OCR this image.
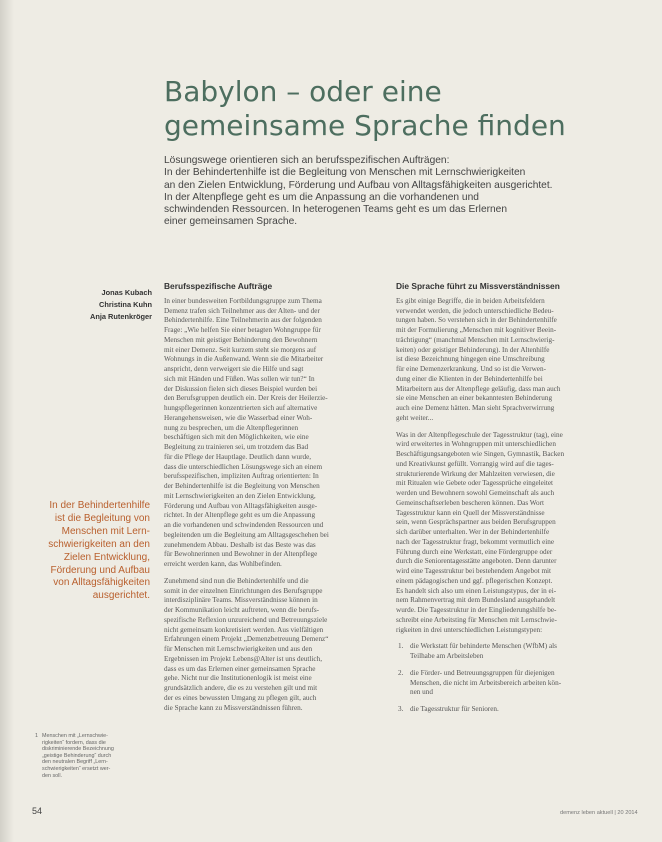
Babylon – oder eine
gemeinsame Sprache finden
Lösungswege orientieren sich an berufsspezifischen Aufträgen:
In der Behindertenhilfe ist die Begleitung von Menschen mit Lernschwierigkeiten
an den Zielen Entwicklung, Förderung und Aufbau von Alltagsfähigkeiten ausgerichtet.
In der Altenpflege geht es um die Anpassung an die vorhandenen und
schwindenden Ressourcen. In heterogenen Teams geht es um das Erlernen
einer gemeinsamen Sprache.
Jonas Kubach
Christina Kuhn
Anja Rutenkröger
Berufsspezifische Aufträge
In einer bundesweiten Fortbildungsgruppe zum Thema
Demenz trafen sich Teilnehmer aus der Alten- und der
Behindertenhilfe. Eine Teilnehmerin aus der folgenden
Frage: „Wie helfen Sie einer betagten Wohngruppe für
Menschen mit geistiger Behinderung den Bewohnern
mit einer Demenz. Seit kurzem steht sie morgens auf
Wohnungs in die Außenwand. Wenn sie die Mitarbeiter
anspricht, denn verweigert sie die Hilfe und sagt
sich mit Händen und Füßen. Was sollen wir tun?“ In
der Diskussion fielen sich dieses Beispiel wurden bei
den Berufsgruppen deutlich ein. Der Kreis der Heilerzie-
hungspflegerinnen konzentrierten sich auf alternative
Herangehensweisen, wie die Wasserbad einer Woh-
nung zu besprechen, um die Altenpflegerinnen
beschäftigen sich mit den Möglichkeiten, wie eine
Begleitung zu trainieren sei, um trotzdem das Bad
für die Pflege der Hauptlage. Deutlich dann wurde,
dass die unterschiedlichen Lösungswege sich an einem
berufsspezifischen, impliziten Auftrag orientierten: In
der Behindertenhilfe ist die Begleitung von Menschen
mit Lernschwierigkeiten an den Zielen Entwicklung,
Förderung und Aufbau von Alltagsfähigkeiten ausge-
richtet. In der Altenpflege geht es um die Anpassung
an die vorhandenen und schwindenden Ressourcen und
begleitenden um die Begleitung am Alltagsgeschehen bei
zunehmendem Abbau. Deshalb ist das Beste was das
für Bewohnerinnen und Bewohner in der Altenpflege
erreicht werden kann, das Wohlbefinden.
Zunehmend sind nun die Behindertenhilfe und die
somit in der einzelnen Einrichtungen des Berufsgruppe
interdisziplinäre Teams. Missverständnisse können in
der Kommunikation leicht auftreten, wenn die berufs-
spezifische Reflexion unzureichend und Betreuungsziele
nicht gemeinsam konkretisiert werden. Aus vielfältigen
Erfahrungen einem Projekt „Demenzbetreuung Demenz“
für Menschen mit Lernschwierigkeiten und aus den
Ergebnissen im Projekt Lebens@Alter ist uns deutlich,
dass es um das Erlernen einer gemeinsamen Sprache
gehe. Nicht nur die Institutionenlogik ist meist eine
grundsätzlich andere, die es zu verstehen gilt und mit
der es eines bewussten Umgang zu pflegen gilt, auch
die Sprache kann zu Missverständnissen führen.
Die Sprache führt zu Missverständnissen
Es gibt einige Begriffe, die in beiden Arbeitsfeldern
verwendet werden, die jedoch unterschiedliche Bedeu-
tungen haben. So verstehen sich in der Behindertenhilfe
mit der Formulierung „Menschen mit kognitiver Beein-
trächtigung“ (manchmal Menschen mit Lernschwierig-
keiten) oder geistiger Behinderung). In der Altenhilfe
ist diese Bezeichnung hingegen eine Umschreibung
für eine Demenzerkrankung. Und so ist die Verwen-
dung einer die Klienten in der Behindertenhilfe bei
Mitarbeitern aus der Altenpflege geläufig, dass man auch
sie eine Menschen an einer bekanntesten Behinderung
auch eine Demenz hätten. Man sieht Sprachverwirrung
geht weiter...
Was in der Altenpflegeschule der Tagesstruktur (tag), eine
wird erweitertes in Wohngruppen mit unterschiedlichen
Beschäftigungsangeboten wie Singen, Gymnastik, Backen
und Kreativkunst gefüllt. Vorrangig wird auf die tages-
strukturierende Wirkung der Mahlzeiten verwiesen, die
mit Ritualen wie Gebete oder Tagessprüche eingeleitet
werden und Bewohnern sowohl Gemeinschaft als auch
Gemeinschaftserleben bescheren können. Das Wort
Tagesstruktur kann ein Quell der Missverständnisse
sein, wenn Gesprächspartner aus beiden Berufsgruppen
sich darüber unterhalten. Wer in der Behindertenhilfe
nach der Tagesstruktur fragt, bekommt vermutlich eine
Führung durch eine Werkstatt, eine Fördergruppe oder
durch die Seniorentagesstätte angeboten. Denn darunter
wird eine Tagesstruktur bei bestehendem Angebot mit
einem pädagogischen und ggf. pflegerischen Konzept.
Es handelt sich also um einen Leistungstypus, der in ei-
nem Rahmenvertrag mit dem Bundesland ausgehandelt
wurde. Die Tagesstruktur in der Eingliederungshilfe be-
schreibt eine Arbeitsting für Menschen mit Lernschwie-
rigkeiten in drei unterschiedlichen Leistungstypen:
1. die Werkstatt für behinderte Menschen (WfbM) als
Teilhabe am Arbeitsleben
2. die Förder- und Betreuungsgruppen für diejenigen
Menschen, die nicht im Arbeitsbereich arbeiten kön-
nen und
3. die Tagesstruktur für Senioren.
In der Behindertenhilfe
ist die Begleitung von
Menschen mit Lern-
schwierigkeiten an den
Zielen Entwicklung,
Förderung und Aufbau
von Alltagsfähigkeiten
ausgerichtet.
1 Menschen mit „Lernschwie-
rigkeiten“ fordern, dass die
diskriminierende Bezeichnung
„geistige Behinderung“ durch
den neutralen Begriff „Lern-
schwierigkeiten“ ersetzt wer-
den soll.
54	demenz leben aktuell | 20 2014
